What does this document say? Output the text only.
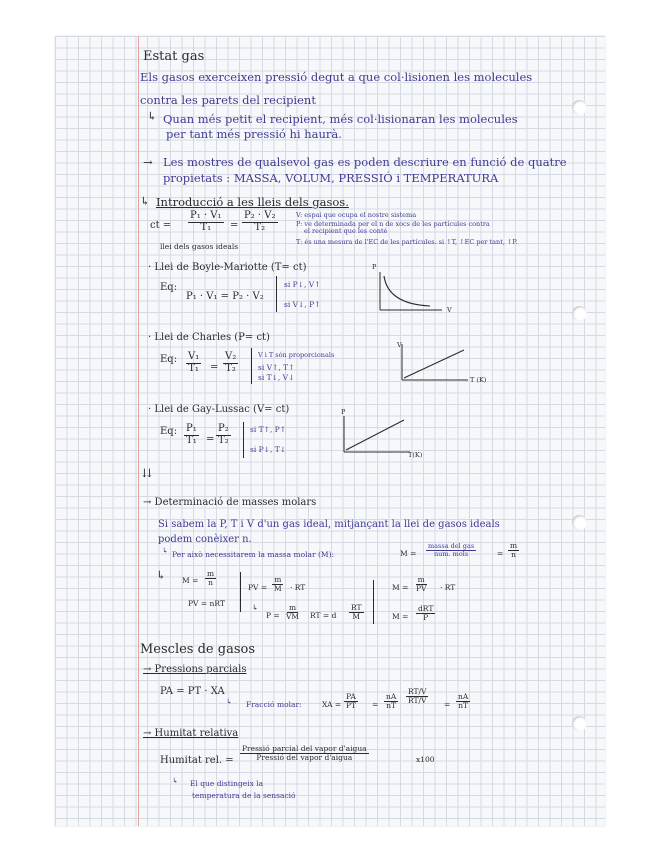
Estat gas
Els gasos exerceixen pressió degut a que col·lisionen les molecules
contra les parets del recipient
↳ Quan més petit el recipient, més col·lisionaran les molecules
per tant més pressió hi haurà.
→ Les mostres de qualsevol gas es poden descriure en funció de quatre
propietats : MASSA, VOLUM, PRESSIÓ i TEMPERATURA
↳ Introducció a les lleis dels gasos.
ct = $\frac{\text{P₁ · V₁}}{\text{T₁}} = \frac{\text{P₂ · V₂}}{\text{T₂}}$
llei dels gasos ideals
V: espai que ocupa el nostre sistema
P: ve determinada per el n de xocs de les partícules contra
el recipient que les conté
T: és una mesura de l'EC de les partícules. si ↑T, ↑EC per tant, ↑P.
· Llei de Boyle-Mariotte (T= ct)
Eq:
P₁ · V₁ = P₂ · V₂
si P↓, V↑
si V↓, P↑
P
V
· Llei de Charles (P= ct)
Eq: $\frac{\text{V₁}}{\text{T₁}} = \frac{\text{V₂}}{\text{T₂}}$	V i T són proporcionals
si V↑, T↑
si T↓, V↓
V
T (K)
· Llei de Gay-Lussac (V= ct)
Eq: $\frac{\text{P₁}}{\text{T₁}} = \frac{\text{P₂}}{\text{T₂}}$	si T↑, P↑
si P↓, T↓
P
T(K)
⇊
→ Determinació de masses molars
Si sabem la P, T i V d'un gas ideal, mitjançant la llei de gasos ideals
podem conèixer n.
↳ Per això necessitarem la massa molar (M):	M =
massa del gas
num. mols	= $\frac{m}{n}$
↳ $M = \frac{m}{n}$
PV = nRT
PV = $\frac{m}{M}$ · RT
↳
$P = \frac{m}{VM}$ RT = d $\frac{RT}{M}$
$M = \frac{m}{PV}$ · RT
M =
dRT
P
Mescles de gasos
→ Pressions parcials
PA = PT · XA
↳ Fracció molar:	XA = $\frac{PA}{PT} = \frac{nA}{nT} \frac{RT/V}{RT/V} = \frac{nA}{nT}$
→ Humitat relativa
Humitat rel. =
Pressió parcial del vapor d'aigua
Pressió del vapor d'aigua	x100
↳ El que distingeix la
temperatura de la sensació
